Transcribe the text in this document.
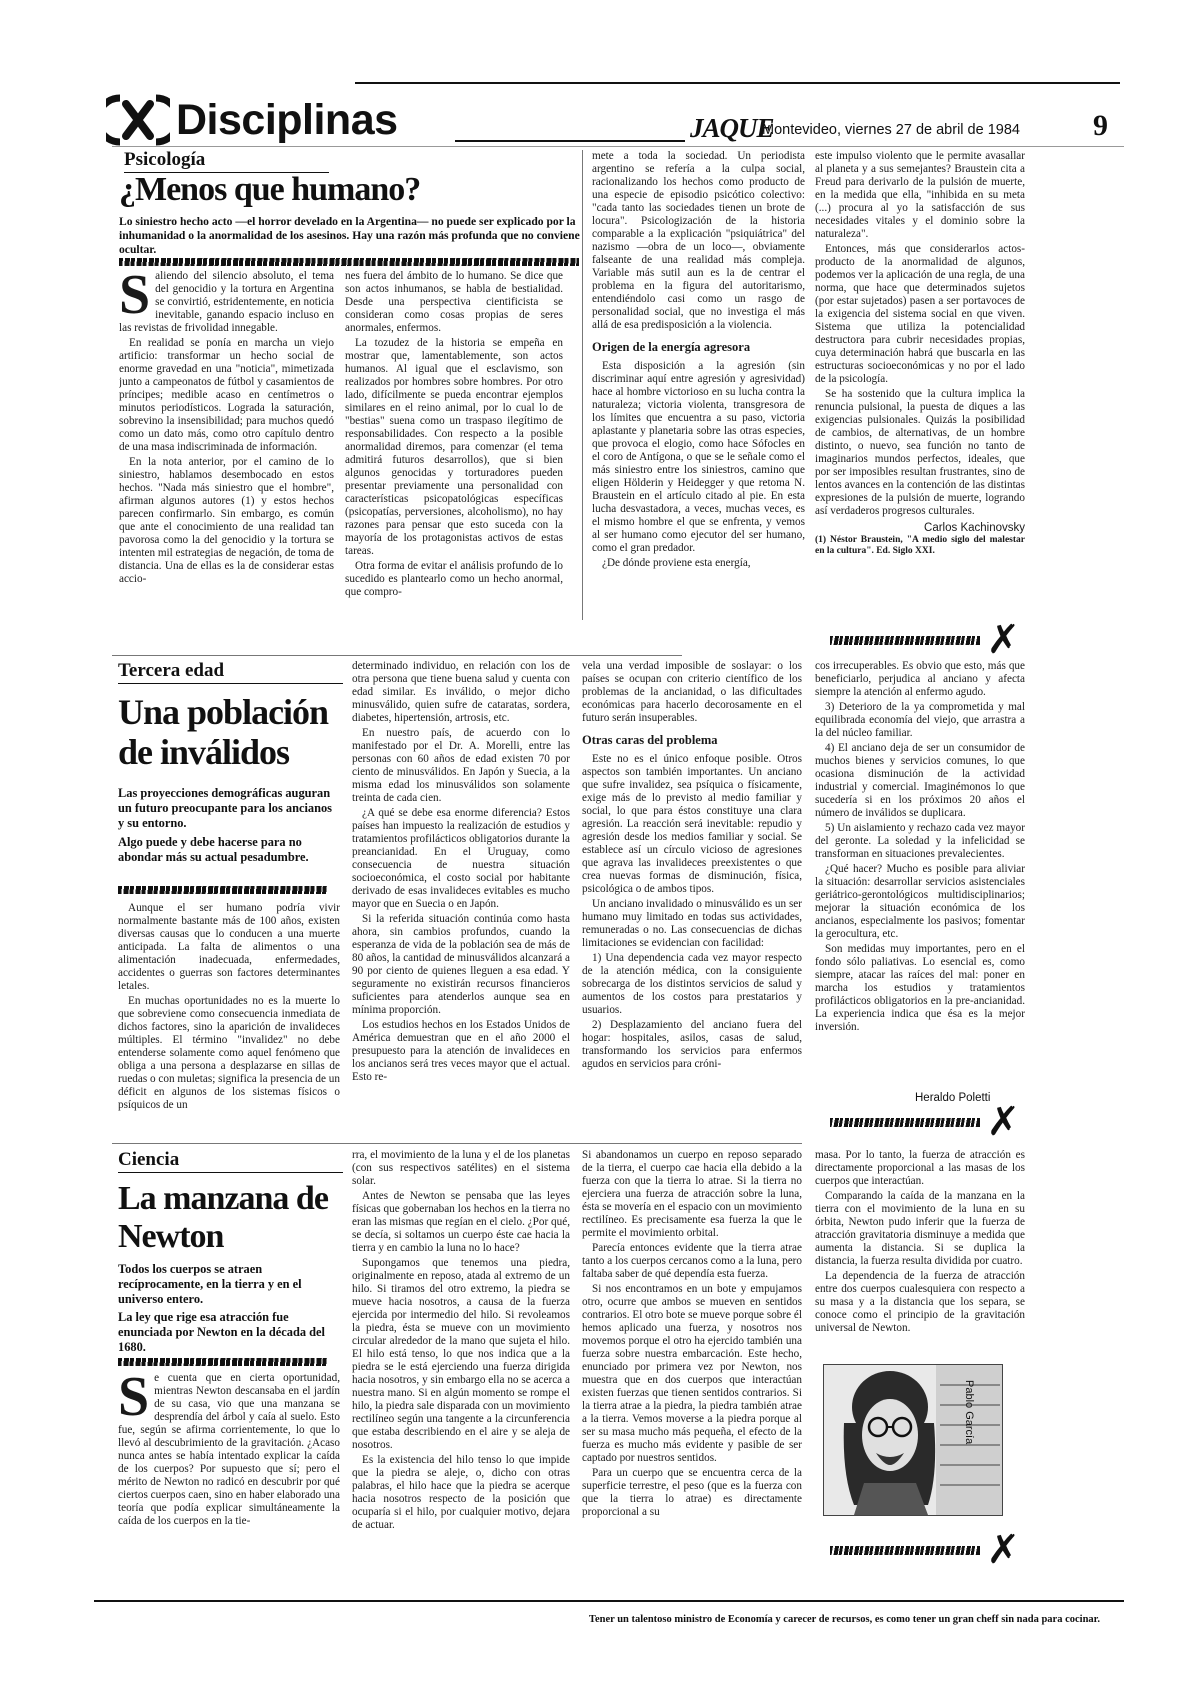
Disciplinas	JAQUE
Montevideo, viernes 27 de abril de 1984 9
Psicología
¿Menos que humano?
Lo siniestro hecho acto —el horror develado en la Argentina— no puede ser explicado por la inhumanidad o la anormalidad de los asesinos. Hay una razón más profunda que no conviene ocultar.
S aliendo del silencio absoluto, el tema del genocidio y la tortura en Argentina se convirtió, estridentemente, en noticia inevitable, ganando espacio incluso en las revistas de frivolidad innegable.

En realidad se ponía en marcha un viejo artificio: transformar un hecho social de enorme gravedad en una "noticia", mimetizada junto a campeonatos de fútbol y casamientos de príncipes; medible acaso en centímetros o minutos periodísticos. Lograda la saturación, sobrevino la insensibilidad; para muchos quedó como un dato más, como otro capítulo dentro de una masa indiscriminada de información.

En la nota anterior, por el camino de lo siniestro, hablamos desembocado en estos hechos. "Nada más siniestro que el hombre", afirman algunos autores (1) y estos hechos parecen confirmarlo. Sin embargo, es común que ante el conocimiento de una realidad tan pavorosa como la del genocidio y la tortura se intenten mil estrategias de negación, de toma de distancia. Una de ellas es la de considerar estas accio-

nes fuera del ámbito de lo humano. Se dice que son actos inhumanos, se habla de bestialidad. Desde una perspectiva cientificista se consideran como cosas propias de seres anormales, enfermos.

La tozudez de la historia se empeña en mostrar que, lamentablemente, son actos humanos. Al igual que el esclavismo, son realizados por hombres sobre hombres. Por otro lado, difícilmente se pueda encontrar ejemplos similares en el reino animal, por lo cual lo de "bestias" suena como un traspaso ilegítimo de responsabilidades. Con respecto a la posible anormalidad diremos, para comenzar (el tema admitirá futuros desarrollos), que si bien algunos genocidas y torturadores pueden presentar previamente una personalidad con características psicopatológicas específicas (psicopatías, perversiones, alcoholismo), no hay razones para pensar que esto suceda con la mayoría de los protagonistas activos de estas tareas.

Otra forma de evitar el análisis profundo de lo sucedido es plantearlo como un hecho anormal, que compro-

mete a toda la sociedad. Un periodista argentino se refería a la culpa social, racionalizando los hechos como producto de una especie de episodio psicótico colectivo: "cada tanto las sociedades tienen un brote de locura". Psicologización de la historia comparable a la explicación "psiquiátrica" del nazismo —obra de un loco—, obviamente falseante de una realidad más compleja. Variable más sutil aun es la de centrar el problema en la figura del autoritarismo, entendiéndolo casi como un rasgo de personalidad social, que no investiga el más allá de esa predisposición a la violencia.

Origen de la energía agresora

Esta disposición a la agresión (sin discriminar aquí entre agresión y agresividad) hace al hombre victorioso en su lucha contra la naturaleza; victoria violenta, transgresora de los límites que encuentra a su paso, victoria aplastante y planetaria sobre las otras especies, que provoca el elogio, como hace Sófocles en el coro de Antígona, o que se le señale como el más siniestro entre los siniestros, camino que eligen Hölderin y Heidegger y que retoma N. Braustein en el artículo citado al pie. En esta lucha desvastadora, a veces, muchas veces, es el mismo hombre el que se enfrenta, y vemos al ser humano como ejecutor del ser humano, como el gran predador.

¿De dónde proviene esta energía,

este impulso violento que le permite avasallar al planeta y a sus semejantes? Braustein cita a Freud para derivarlo de la pulsión de muerte, en la medida que ella, "inhibida en su meta (...) procura al yo la satisfacción de sus necesidades vitales y el dominio sobre la naturaleza".

Entonces, más que considerarlos actos-producto de la anormalidad de algunos, podemos ver la aplicación de una regla, de una norma, que hace que determinados sujetos (por estar sujetados) pasen a ser portavoces de la exigencia del sistema social en que viven. Sistema que utiliza la potencialidad destructora para cubrir necesidades propias, cuya determinación habrá que buscarla en las estructuras socioeconómicas y no por el lado de la psicología.

Se ha sostenido que la cultura implica la renuncia pulsional, la puesta de diques a las exigencias pulsionales. Quizás la posibilidad de cambios, de alternativas, de un hombre distinto, o nuevo, sea función no tanto de imaginarios mundos perfectos, ideales, que por ser imposibles resultan frustrantes, sino de lentos avances en la contención de las distintas expresiones de la pulsión de muerte, logrando así verdaderos progresos culturales.

Carlos Kachinovsky

(1) Néstor Braustein, "A medio siglo del malestar en la cultura". Ed. Siglo XXI.

✗
Tercera edad
Una población de inválidos
Las proyecciones demográficas auguran un futuro preocupante para los ancianos y su entorno.
Algo puede y debe hacerse para no abondar más su actual pesadumbre.

Aunque el ser humano podría vivir normalmente bastante más de 100 años, existen diversas causas que lo conducen a una muerte anticipada. La falta de alimentos o una alimentación inadecuada, enfermedades, accidentes o guerras son factores determinantes letales.

En muchas oportunidades no es la muerte lo que sobreviene como consecuencia inmediata de dichos factores, sino la aparición de invalideces múltiples. El término "invalidez" no debe entenderse solamente como aquel fenómeno que obliga a una persona a desplazarse en sillas de ruedas o con muletas; significa la presencia de un déficit en algunos de los sistemas físicos o psíquicos de un

determinado individuo, en relación con los de otra persona que tiene buena salud y cuenta con edad similar. Es inválido, o mejor dicho minusválido, quien sufre de cataratas, sordera, diabetes, hipertensión, artrosis, etc.

En nuestro país, de acuerdo con lo manifestado por el Dr. A. Morelli, entre las personas con 60 años de edad existen 70 por ciento de minusválidos. En Japón y Suecia, a la misma edad los minusválidos son solamente treinta de cada cien.

¿A qué se debe esa enorme diferencia? Estos países han impuesto la realización de estudios y tratamientos profilácticos obligatorios durante la preancianidad. En el Uruguay, como consecuencia de nuestra situación socioeconómica, el costo social por habitante derivado de esas invalideces evitables es mucho mayor que en Suecia o en Japón.

Si la referida situación continúa como hasta ahora, sin cambios profundos, cuando la esperanza de vida de la población sea de más de 80 años, la cantidad de minusválidos alcanzará a 90 por ciento de quienes lleguen a esa edad. Y seguramente no existirán recursos financieros suficientes para atenderlos aunque sea en mínima proporción.

Los estudios hechos en los Estados Unidos de América demuestran que en el año 2000 el presupuesto para la atención de invalideces en los ancianos será tres veces mayor que el actual. Esto re-

vela una verdad imposible de soslayar: o los países se ocupan con criterio científico de los problemas de la ancianidad, o las dificultades económicas para hacerlo decorosamente en el futuro serán insuperables.

Otras caras del problema

Este no es el único enfoque posible. Otros aspectos son también importantes. Un anciano que sufre invalidez, sea psíquica o físicamente, exige más de lo previsto al medio familiar y social, lo que para éstos constituye una clara agresión. La reacción será inevitable: repudio y agresión desde los medios familiar y social. Se establece así un círculo vicioso de agresiones que agrava las invalideces preexistentes o que crea nuevas formas de disminución, física, psicológica o de ambos tipos.

Un anciano invalidado o minusválido es un ser humano muy limitado en todas sus actividades, remuneradas o no. Las consecuencias de dichas limitaciones se evidencian con facilidad:

1) Una dependencia cada vez mayor respecto de la atención médica, con la consiguiente sobrecarga de los distintos servicios de salud y aumentos de los costos para prestatarios y usuarios.

2) Desplazamiento del anciano fuera del hogar: hospitales, asilos, casas de salud, transformando los servicios para enfermos agudos en servicios para cróni-

cos irrecuperables. Es obvio que esto, más que beneficiarlo, perjudica al anciano y afecta siempre la atención al enfermo agudo.

3) Deterioro de la ya comprometida y mal equilibrada economía del viejo, que arrastra a la del núcleo familiar.

4) El anciano deja de ser un consumidor de muchos bienes y servicios comunes, lo que ocasiona disminución de la actividad industrial y comercial. Imaginémonos lo que sucedería si en los próximos 20 años el número de inválidos se duplicara.

5) Un aislamiento y rechazo cada vez mayor del geronte. La soledad y la infelicidad se transforman en situaciones prevalecientes.

¿Qué hacer? Mucho es posible para aliviar la situación: desarrollar servicios asistenciales geriátrico-gerontológicos multidisciplinarios; mejorar la situación económica de los ancianos, especialmente los pasivos; fomentar la gerocultura, etc.

Son medidas muy importantes, pero en el fondo sólo paliativas. Lo esencial es, como siempre, atacar las raíces del mal: poner en marcha los estudios y tratamientos profilácticos obligatorios en la pre-ancianidad. La experiencia indica que ésa es la mejor inversión.

Heraldo Poletti
✗
Ciencia
La manzana de Newton
Todos los cuerpos se atraen recíprocamente, en la tierra y en el universo entero.
La ley que rige esa atracción fue enunciada por Newton en la década del 1680.
S e cuenta que en cierta oportunidad, mientras Newton descansaba en el jardín de su casa, vio que una manzana se desprendía del árbol y caía al suelo. Esto fue, según se afirma corrientemente, lo que lo llevó al descubrimiento de la gravitación. ¿Acaso nunca antes se había intentado explicar la caída de los cuerpos? Por supuesto que sí; pero el mérito de Newton no radicó en descubrir por qué ciertos cuerpos caen, sino en haber elaborado una teoría que podía explicar simultáneamente la caída de los cuerpos en la tie-

rra, el movimiento de la luna y el de los planetas (con sus respectivos satélites) en el sistema solar.

Antes de Newton se pensaba que las leyes físicas que gobernaban los hechos en la tierra no eran las mismas que regían en el cielo. ¿Por qué, se decía, si soltamos un cuerpo éste cae hacia la tierra y en cambio la luna no lo hace?

Supongamos que tenemos una piedra, originalmente en reposo, atada al extremo de un hilo. Si tiramos del otro extremo, la piedra se mueve hacia nosotros, a causa de la fuerza ejercida por intermedio del hilo. Si revoleamos la piedra, ésta se mueve con un movimiento circular alrededor de la mano que sujeta el hilo. El hilo está tenso, lo que nos indica que a la piedra se le está ejerciendo una fuerza dirigida hacia nosotros, y sin embargo ella no se acerca a nuestra mano. Si en algún momento se rompe el hilo, la piedra sale disparada con un movimiento rectilíneo según una tangente a la circunferencia que estaba describiendo en el aire y se aleja de nosotros.

Es la existencia del hilo tenso lo que impide que la piedra se aleje, o, dicho con otras palabras, el hilo hace que la piedra se acerque hacia nosotros respecto de la posición que ocuparía si el hilo, por cualquier motivo, dejara de actuar.

Si abandonamos un cuerpo en reposo separado de la tierra, el cuerpo cae hacia ella debido a la fuerza con que la tierra lo atrae. Si la tierra no ejerciera una fuerza de atracción sobre la luna, ésta se movería en el espacio con un movimiento rectilíneo. Es precisamente esa fuerza la que le permite el movimiento orbital.

Parecía entonces evidente que la tierra atrae tanto a los cuerpos cercanos como a la luna, pero faltaba saber de qué dependía esta fuerza.

Si nos encontramos en un bote y empujamos otro, ocurre que ambos se mueven en sentidos contrarios. El otro bote se mueve porque sobre él hemos aplicado una fuerza, y nosotros nos movemos porque el otro ha ejercido también una fuerza sobre nuestra embarcación. Este hecho, enunciado por primera vez por Newton, nos muestra que en dos cuerpos que interactúan existen fuerzas que tienen sentidos contrarios. Si la tierra atrae a la piedra, la piedra también atrae a la tierra. Vemos moverse a la piedra porque al ser su masa mucho más pequeña, el efecto de la fuerza es mucho más evidente y pasible de ser captado por nuestros sentidos.

Para un cuerpo que se encuentra cerca de la superficie terrestre, el peso (que es la fuerza con que la tierra lo atrae) es directamente proporcional a su

masa. Por lo tanto, la fuerza de atracción es directamente proporcional a las masas de los cuerpos que interactúan.

Comparando la caída de la manzana en la tierra con el movimiento de la luna en su órbita, Newton pudo inferir que la fuerza de atracción gravitatoria disminuye a medida que aumenta la distancia. Si se duplica la distancia, la fuerza resulta dividida por cuatro.

La dependencia de la fuerza de atracción entre dos cuerpos cualesquiera con respecto a su masa y a la distancia que los separa, se conoce como el principio de la gravitación universal de Newton.

Pablo García
✗
Tener un talentoso ministro de Economía y carecer de recursos, es como tener un gran cheff sin nada para cocinar.
